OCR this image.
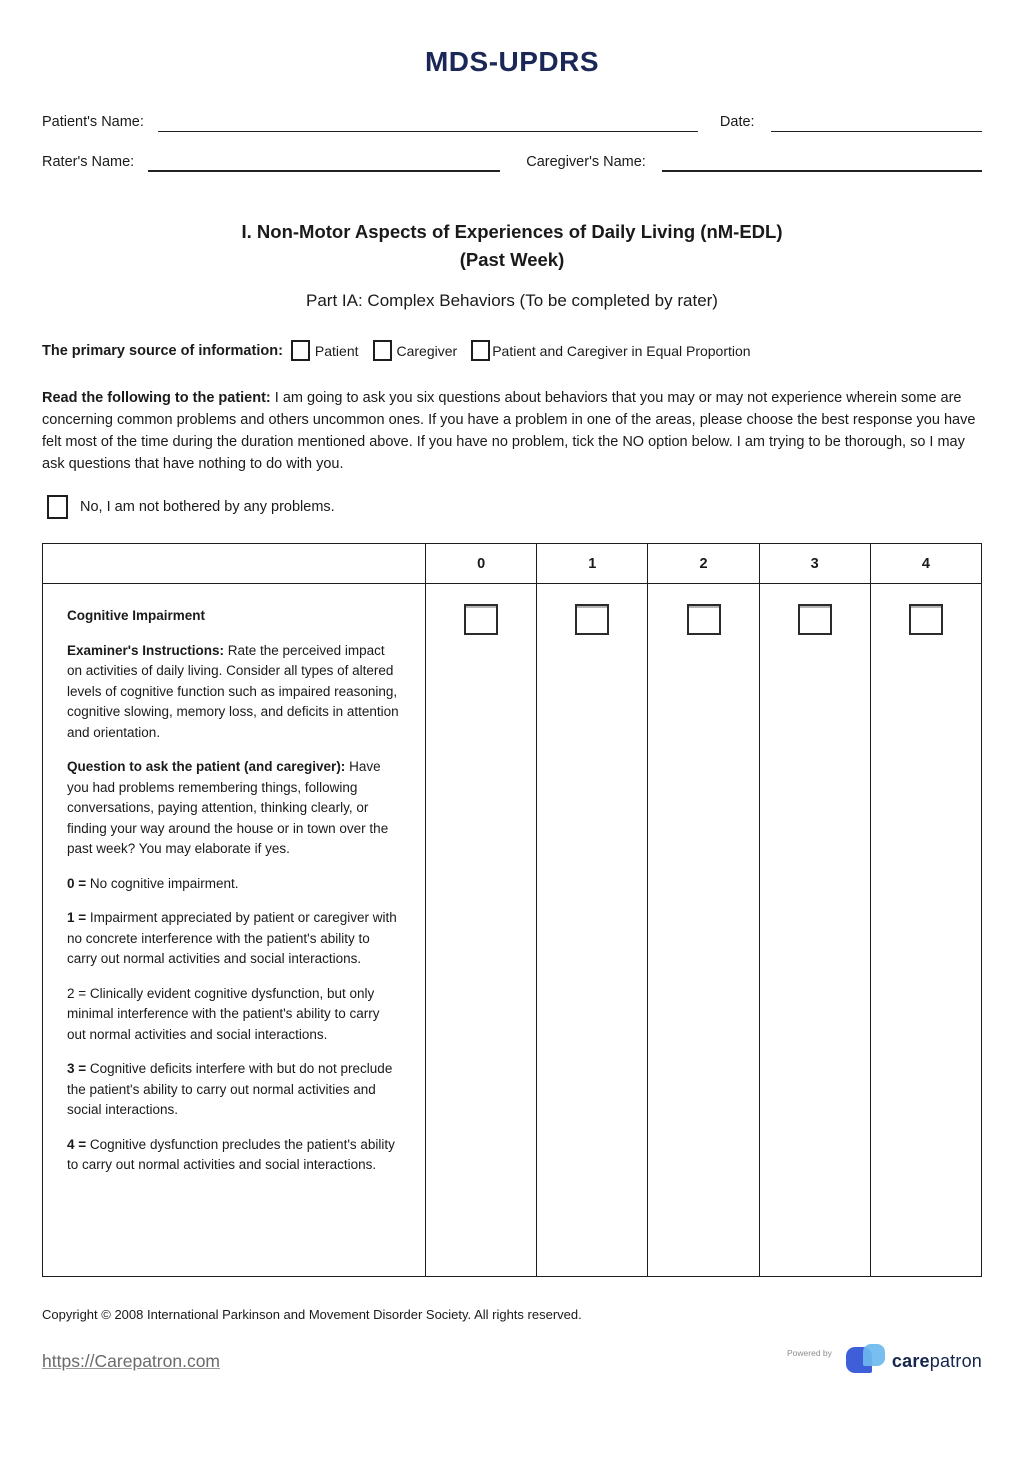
MDS-UPDRS
Patient's Name:	Date:
Rater's Name:	Caregiver's Name:
I. Non-Motor Aspects of Experiences of Daily Living (nM-EDL)
(Past Week)
Part IA: Complex Behaviors (To be completed by rater)
The primary source of information: Patient	Caregiver	Patient and Caregiver in Equal Proportion
Read the following to the patient: I am going to ask you six questions about behaviors that you may or may not experience wherein some are concerning common problems and others uncommon ones. If you have a problem in one of the areas, please choose the best response you have felt most of the time during the duration mentioned above. If you have no problem, tick the NO option below. I am trying to be thorough, so I may ask questions that have nothing to do with you.
No, I am not bothered by any problems.
0	1	2	3	4

Cognitive Impairment

Examiner's Instructions: Rate the perceived impact on activities of daily living. Consider all types of altered levels of cognitive function such as impaired reasoning, cognitive slowing, memory loss, and deficits in attention and orientation.

Question to ask the patient (and caregiver): Have you had problems remembering things, following conversations, paying attention, thinking clearly, or finding your way around the house or in town over the past week? You may elaborate if yes.

0 = No cognitive impairment.

1 = Impairment appreciated by patient or caregiver with no concrete interference with the patient's ability to carry out normal activities and social interactions.

2 = Clinically evident cognitive dysfunction, but only minimal interference with the patient's ability to carry out normal activities and social interactions.

3 = Cognitive deficits interfere with but do not preclude the patient's ability to carry out normal activities and social interactions.

4 = Cognitive dysfunction precludes the patient's ability to carry out normal activities and social interactions.

Copyright © 2008 International Parkinson and Movement Disorder Society. All rights reserved.
https://Carepatron.com	Powered by	carepatron
